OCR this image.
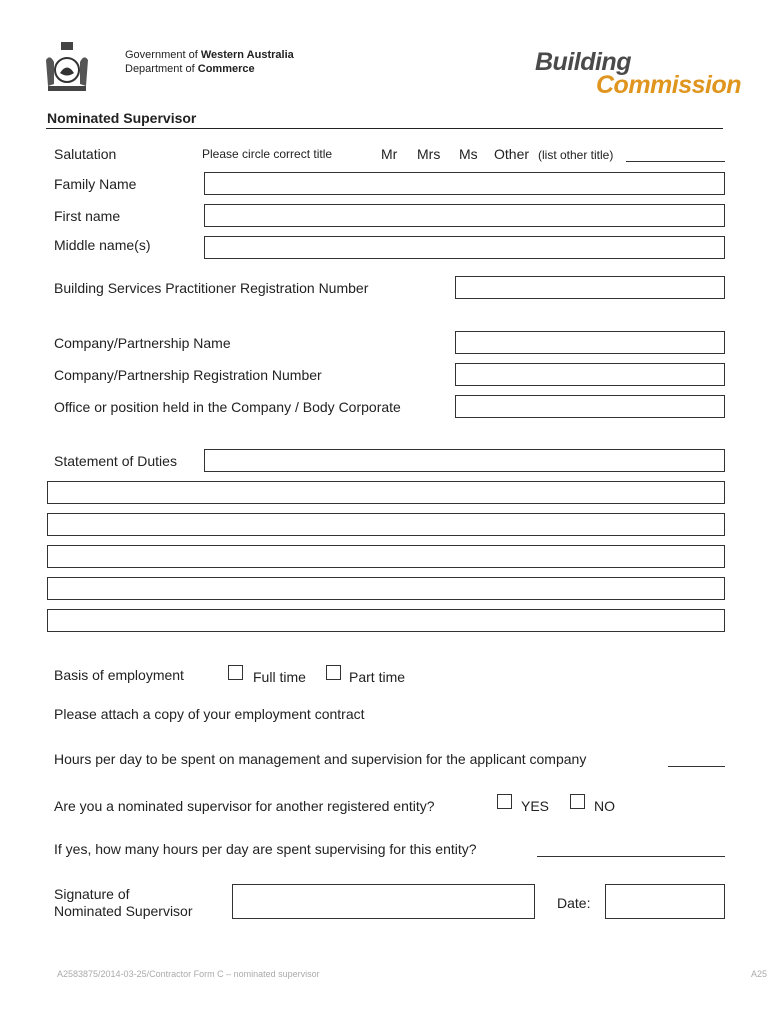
Government of Western Australia
Department of Commerce	Building
Commission
Nominated Supervisor
Salutation	Please circle correct title	Mr Mrs Ms Other (list other title)
Family Name
First name
Middle name(s)
Building Services Practitioner Registration Number
Company/Partnership Name
Company/Partnership Registration Number
Office or position held in the Company / Body Corporate
Statement of Duties
Basis of employment	Full time	Part time
Please attach a copy of your employment contract
Hours per day to be spent on management and supervision for the applicant company
Are you a nominated supervisor for another registered entity?	YES	NO
If yes, how many hours per day are spent supervising for this entity?
Signature of
Nominated Supervisor	Date:
A2583875/2014-03-25/Contractor Form C – nominated supervisor	A25
